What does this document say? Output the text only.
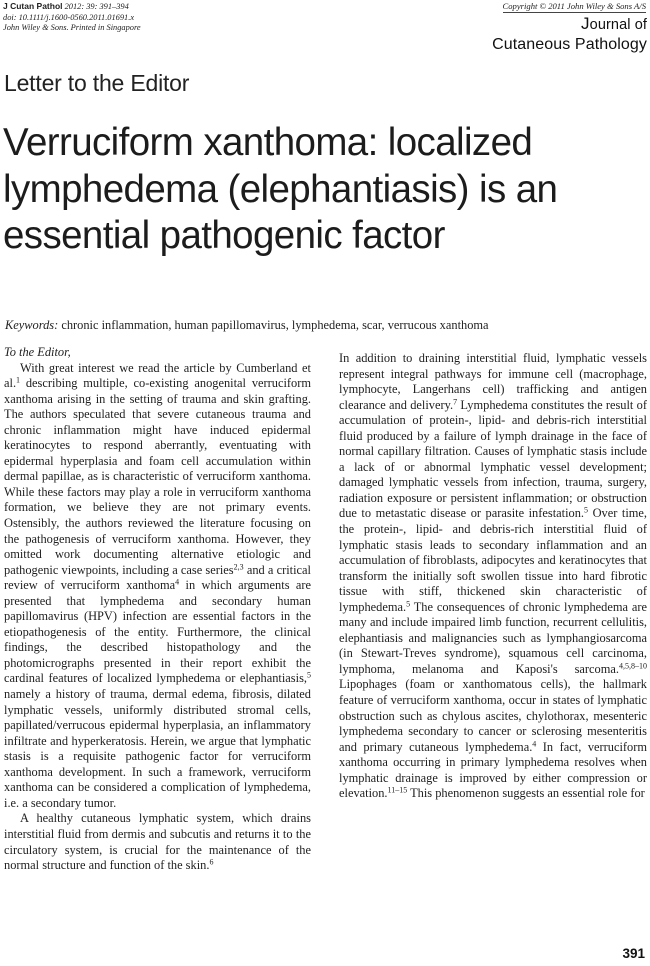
J Cutan Pathol 2012: 39: 391–394
doi: 10.1111/j.1600-0560.2011.01691.x
John Wiley & Sons. Printed in Singapore
Copyright © 2011 John Wiley & Sons A/S
Journal of
Cutaneous Pathology
Letter to the Editor
Verruciform xanthoma: localized lymphedema (elephantiasis) is an essential pathogenic factor
Keywords: chronic inflammation, human papillomavirus, lymphedema, scar, verrucous xanthoma

To the Editor,

With great interest we read the article by Cumberland et al.$^1$ describing multiple, co-existing anogenital verruciform xanthoma arising in the setting of trauma and skin grafting. The authors speculated that severe cutaneous trauma and chronic inflammation might have induced epidermal keratinocytes to respond aberrantly, eventuating with epidermal hyperplasia and foam cell accumulation within dermal papillae, as is characteristic of verruciform xanthoma. While these factors may play a role in verruciform xanthoma formation, we believe they are not primary events. Ostensibly, the authors reviewed the literature focusing on the pathogenesis of verruciform xanthoma. However, they omitted work documenting alternative etiologic and pathogenic viewpoints, including a case series$^{2,3}$ and a critical review of verruciform xanthoma$^4$ in which arguments are presented that lymphedema and secondary human papillomavirus (HPV) infection are essential factors in the etiopathogenesis of the entity. Furthermore, the clinical findings, the described histopathology and the photomicrographs presented in their report exhibit the cardinal features of localized lymphedema or elephantiasis,$^5$ namely a history of trauma, dermal edema, fibrosis, dilated lymphatic vessels, uniformly distributed stromal cells, papillated/verrucous epidermal hyperplasia, an inflammatory infiltrate and hyperkeratosis. Herein, we argue that lymphatic stasis is a requisite pathogenic factor for verruciform xanthoma development. In such a framework, verruciform xanthoma can be considered a complication of lymphedema, i.e. a secondary tumor.

A healthy cutaneous lymphatic system, which drains interstitial fluid from dermis and subcutis and returns it to the circulatory system, is crucial for the maintenance of the normal structure and function of the skin.$^6$

In addition to draining interstitial fluid, lymphatic vessels represent integral pathways for immune cell (macrophage, lymphocyte, Langerhans cell) trafficking and antigen clearance and delivery.$^7$ Lymphedema constitutes the result of accumulation of protein-, lipid- and debris-rich interstitial fluid produced by a failure of lymph drainage in the face of normal capillary filtration. Causes of lymphatic stasis include a lack of or abnormal lymphatic vessel development; damaged lymphatic vessels from infection, trauma, surgery, radiation exposure or persistent inflammation; or obstruction due to metastatic disease or parasite infestation.$^5$ Over time, the protein-, lipid- and debris-rich interstitial fluid of lymphatic stasis leads to secondary inflammation and an accumulation of fibroblasts, adipocytes and keratinocytes that transform the initially soft swollen tissue into hard fibrotic tissue with stiff, thickened skin characteristic of lymphedema.$^5$ The consequences of chronic lymphedema are many and include impaired limb function, recurrent cellulitis, elephantiasis and malignancies such as lymphangiosarcoma (in Stewart-Treves syndrome), squamous cell carcinoma, lymphoma, melanoma and Kaposi's sarcoma.$^{4,5,8-10}$ Lipophages (foam or xanthomatous cells), the hallmark feature of verruciform xanthoma, occur in states of lymphatic obstruction such as chylous ascites, chylothorax, mesenteric lymphedema secondary to cancer or sclerosing mesenteritis and primary cutaneous lymphedema.$^4$ In fact, verruciform xanthoma occurring in primary lymphedema resolves when lymphatic drainage is improved by either compression or elevation.$^{11-15}$ This phenomenon suggests an essential role for

391
